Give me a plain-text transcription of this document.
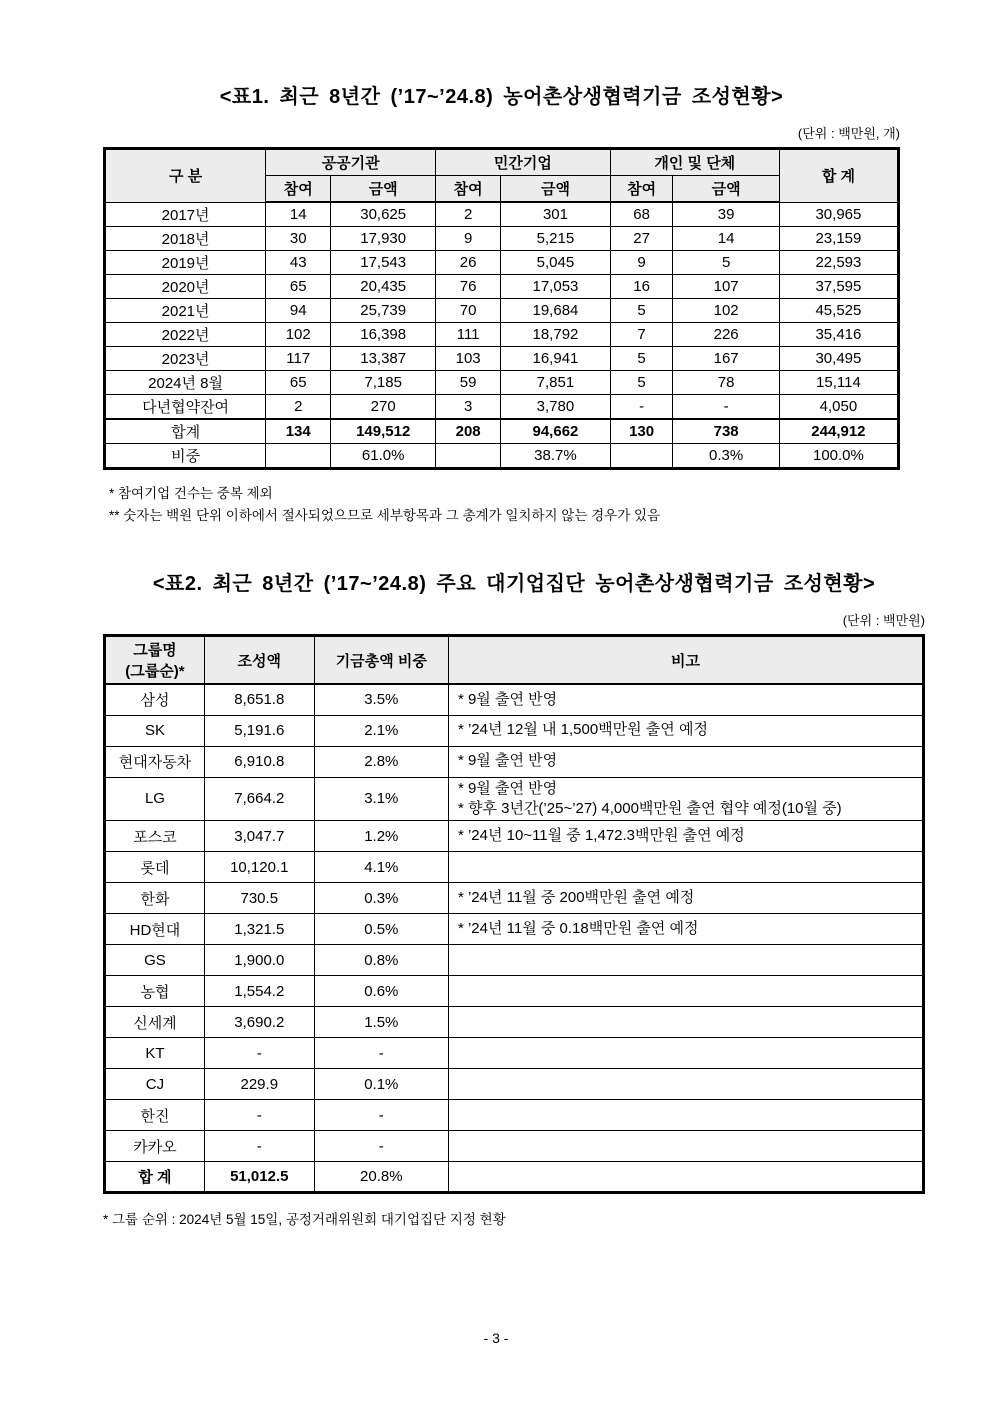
<표1. 최근 8년간 (’17~’24.8) 농어촌상생협력기금 조성현황>
(단위 : 백만원, 개)
구 분	공공기관		민간기업		개인 및 단체		합 계
	참여	금액	참여	금액	참여	금액	
2017년	14	30,625	2	301	68	39	30,965
2018년	30	17,930	9	5,215	27	14	23,159
2019년	43	17,543	26	5,045	9	5	22,593
2020년	65	20,435	76	17,053	16	107	37,595
2021년	94	25,739	70	19,684	5	102	45,525
2022년	102	16,398	111	18,792	7	226	35,416
2023년	117	13,387	103	16,941	5	167	30,495
2024년 8월	65	7,185	59	7,851	5	78	15,114
다년협약잔여	2	270	3	3,780	-	-	4,050
합계	134	149,512	208	94,662	130	738	244,912
비중		61.0%		38.7%		0.3%	100.0%
* 참여기업 건수는 중복 제외
** 숫자는 백원 단위 이하에서 절사되었으므로 세부항목과 그 총계가 일치하지 않는 경우가 있음
<표2. 최근 8년간 (’17~’24.8) 주요 대기업집단 농어촌상생협력기금 조성현황>
(단위 : 백만원)
그룹명
(그룹순)*	조성액	기금총액 비중	비고
삼성	8,651.8	3.5%	* 9월 출연 반영

SK	5,191.6	2.1%	* ’24년 12월 내 1,500백만원 출연 예정

현대자동차	6,910.8	2.8%	* 9월 출연 반영

LG	7,664.2	3.1%	* 9월 출연 반영
* 향후 3년간(’25~’27) 4,000백만원 출연 협약 예정(10월 중)

포스코	3,047.7	1.2%	* ’24년 10~11월 중 1,472.3백만원 출연 예정

롯데	10,120.1	4.1%	
한화	730.5	0.3%	* ’24년 11월 중 200백만원 출연 예정

HD현대	1,321.5	0.5%	* ’24년 11월 중 0.18백만원 출연 예정

GS	1,900.0	0.8%	
농협	1,554.2	0.6%	
신세계	3,690.2	1.5%	
KT	-	-	
CJ	229.9	0.1%	
한진	-	-	
카카오	-	-	
합 계	51,012.5	20.8%	
* 그룹 순위 : 2024년 5월 15일, 공정거래위원회 대기업집단 지정 현황
- 3 -
